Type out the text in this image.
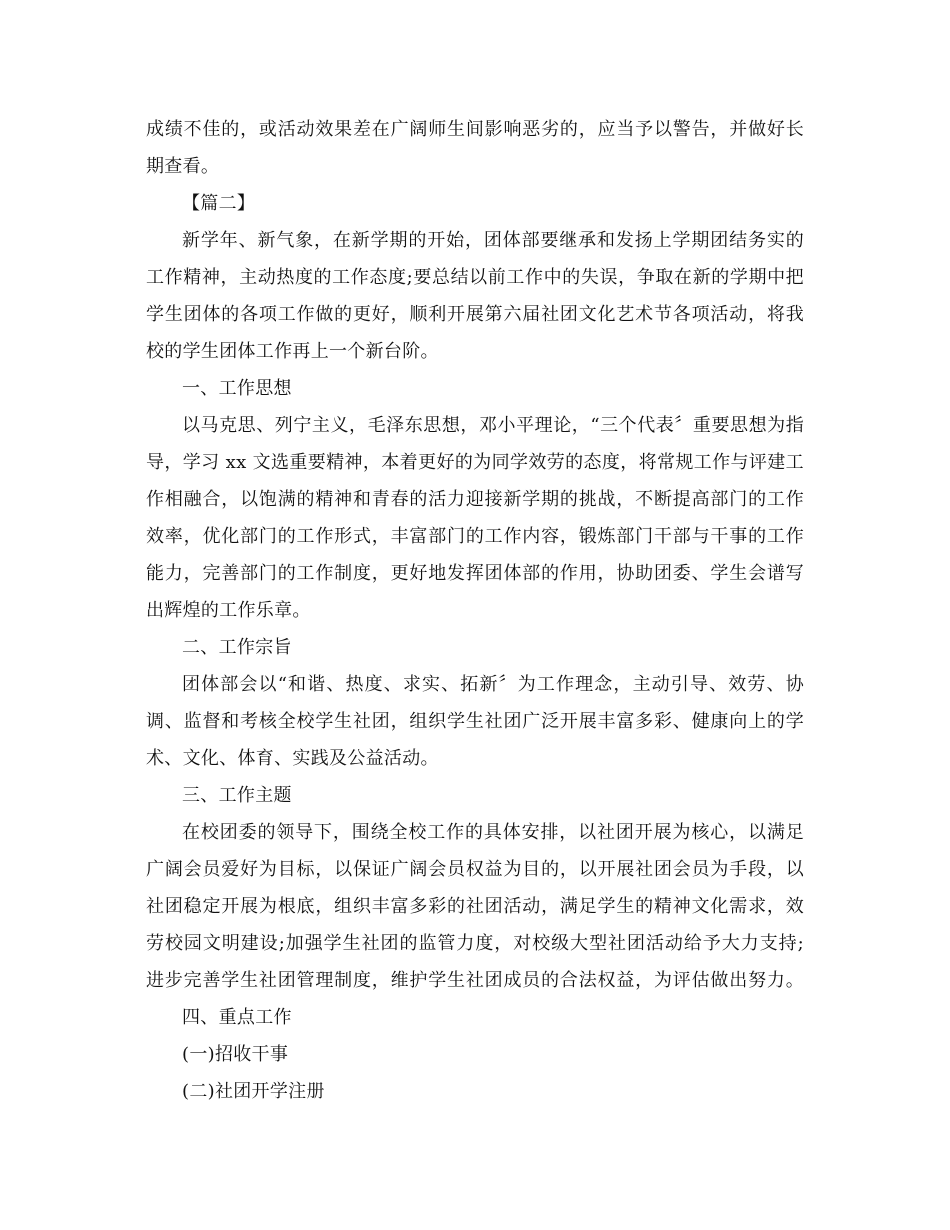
成绩不佳的，或活动效果差在广阔师生间影响恶劣的，应当予以警告，并做好长
期查看。
【篇二】
新学年、新气象，在新学期的开始，团体部要继承和发扬上学期团结务实的
工作精神，主动热度的工作态度;要总结以前工作中的失误，争取在新的学期中把
学生团体的各项工作做的更好，顺利开展第六届社团文化艺术节各项活动，将我
校的学生团体工作再上一个新台阶。
一、工作思想
以马克思、列宁主义，毛泽东思想，邓小平理论，“三个代表〞重要思想为指
导，学习 xx 文选重要精神，本着更好的为同学效劳的态度，将常规工作与评建工
作相融合，以饱满的精神和青春的活力迎接新学期的挑战，不断提高部门的工作
效率，优化部门的工作形式，丰富部门的工作内容，锻炼部门干部与干事的工作
能力，完善部门的工作制度，更好地发挥团体部的作用，协助团委、学生会谱写
出辉煌的工作乐章。
二、工作宗旨
团体部会以“和谐、热度、求实、拓新〞为工作理念，主动引导、效劳、协
调、监督和考核全校学生社团，组织学生社团广泛开展丰富多彩、健康向上的学
术、文化、体育、实践及公益活动。
三、工作主题
在校团委的领导下，围绕全校工作的具体安排，以社团开展为核心，以满足
广阔会员爱好为目标，以保证广阔会员权益为目的，以开展社团会员为手段，以
社团稳定开展为根底，组织丰富多彩的社团活动，满足学生的精神文化需求，效
劳校园文明建设;加强学生社团的监管力度，对校级大型社团活动给予大力支持;
进步完善学生社团管理制度，维护学生社团成员的合法权益，为评估做出努力。
四、重点工作
(一)招收干事
(二)社团开学注册
